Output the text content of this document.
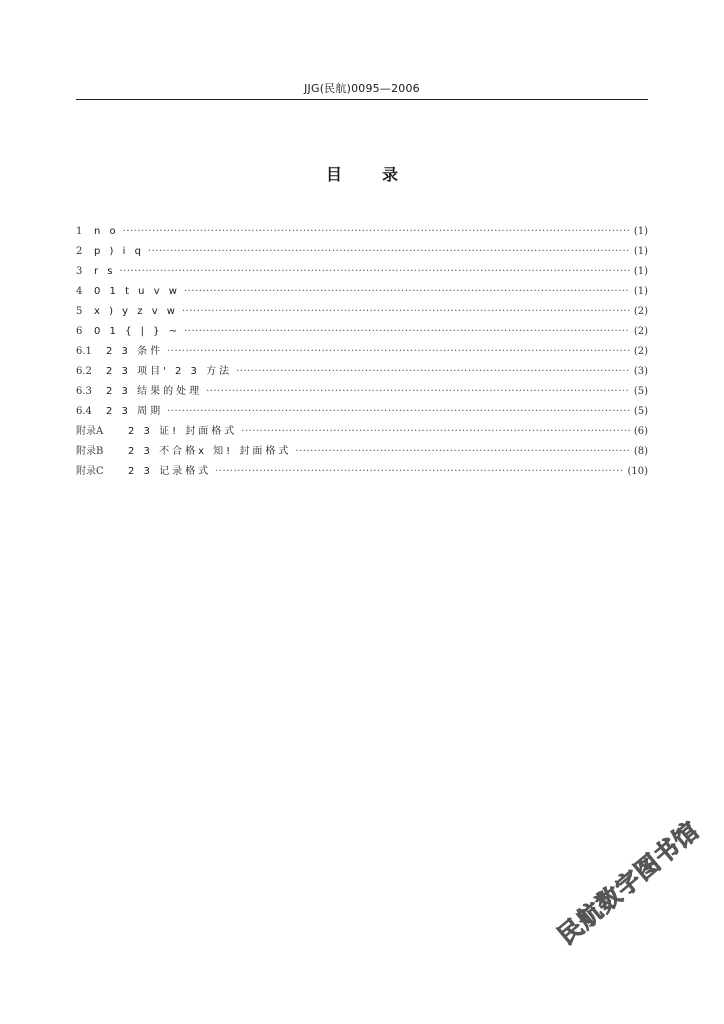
JJG(民航)0095—2006
目录
1	n o ·····	(1)
2	p ) i q ·····	(1)
3	r s ·····	(1)
4	0 1 t u v w ·····	(1)
5	x ) y z v w ·····	(2)
6	0 1 { | } ~ ·····	(2)
6.1	2 3 条件 ·····	(2)
6.2	2 3 项目' 2 3 方法 ·····	(3)
6.3	2 3 结果的处理 ·····	(5)
6.4	2 3 周期 ·····	(5)
附录A	2 3 证! 封面格式 ·····	(6)
附录B	2 3 不合格x 知! 封面格式 ·····	(8)
附录C	2 3 记录格式 ·····	(10)
民航数字图书馆
